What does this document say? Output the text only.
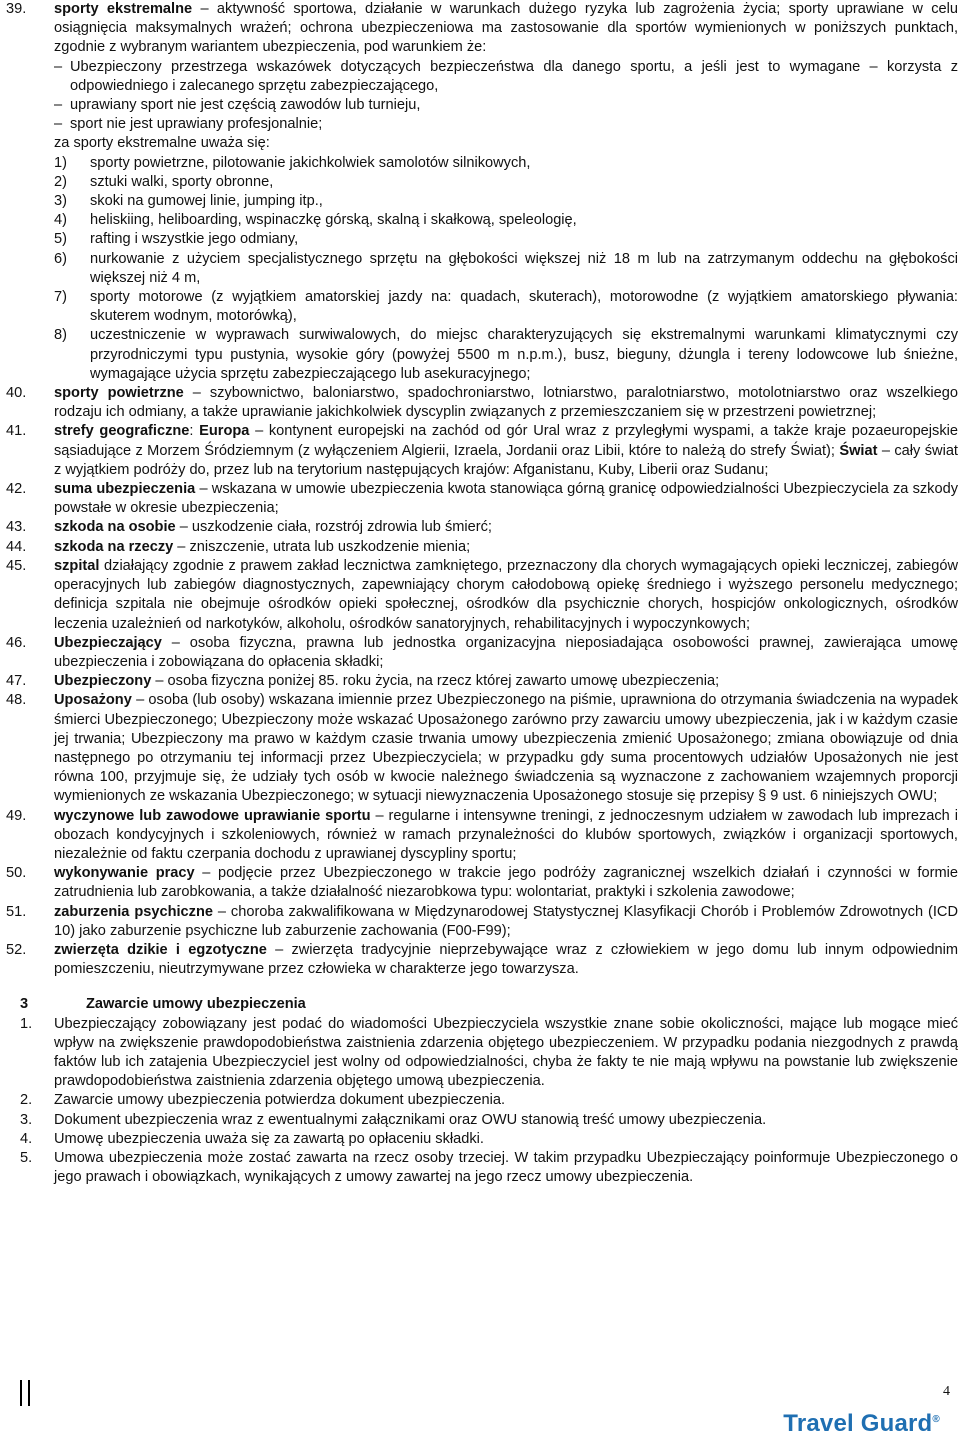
39.	sporty ekstremalne – aktywność sportowa, działanie w warunkach dużego ryzyka lub zagrożenia życia; sporty uprawiane w celu osiągnięcia maksymalnych wrażeń; ochrona ubezpieczeniowa ma zastosowanie dla sportów wymienionych w poniższych punktach, zgodnie z wybranym wariantem ubezpieczenia, pod warunkiem że:
– Ubezpieczony przestrzega wskazówek dotyczących bezpieczeństwa dla danego sportu, a jeśli jest to wymagane – korzysta z odpowiedniego i zalecanego sprzętu zabezpieczającego,
– uprawiany sport nie jest częścią zawodów lub turnieju,
– sport nie jest uprawiany profesjonalnie;
za sporty ekstremalne uważa się:
1)	sporty powietrzne, pilotowanie jakichkolwiek samolotów silnikowych,
2)	sztuki walki, sporty obronne,
3)	skoki na gumowej linie, jumping itp.,
4)	heliskiing, heliboarding, wspinaczkę górską, skalną i skałkową, speleologię,
5)	rafting i wszystkie jego odmiany,
6)	nurkowanie z użyciem specjalistycznego sprzętu na głębokości większej niż 18 m lub na zatrzymanym oddechu na głębokości większej niż 4 m,
7)	sporty motorowe (z wyjątkiem amatorskiej jazdy na: quadach, skuterach), motorowodne (z wyjątkiem amatorskiego pływania: skuterem wodnym, motorówką),
8)	uczestniczenie w wyprawach surwiwalowych, do miejsc charakteryzujących się ekstremalnymi warunkami klimatycznymi czy przyrodniczymi typu pustynia, wysokie góry (powyżej 5500 m n.p.m.), busz, bieguny, dżungla i tereny lodowcowe lub śnieżne, wymagające użycia sprzętu zabezpieczającego lub asekuracyjnego;
40.	sporty powietrzne – szybownictwo, baloniarstwo, spadochroniarstwo, lotniarstwo, paralotniarstwo, motolotniarstwo oraz wszelkiego rodzaju ich odmiany, a także uprawianie jakichkolwiek dyscyplin związanych z przemieszczaniem się w przestrzeni powietrznej;
41.	strefy geograficzne: Europa – kontynent europejski na zachód od gór Ural wraz z przyległymi wyspami, a także kraje pozaeuropejskie sąsiadujące z Morzem Śródziemnym (z wyłączeniem Algierii, Izraela, Jordanii oraz Libii, które to należą do strefy Świat); Świat – cały świat z wyjątkiem podróży do, przez lub na terytorium następujących krajów: Afganistanu, Kuby, Liberii oraz Sudanu;
42.	suma ubezpieczenia – wskazana w umowie ubezpieczenia kwota stanowiąca górną granicę odpowiedzialności Ubezpieczyciela za szkody powstałe w okresie ubezpieczenia;
43.	szkoda na osobie – uszkodzenie ciała, rozstrój zdrowia lub śmierć;
44.	szkoda na rzeczy – zniszczenie, utrata lub uszkodzenie mienia;
45.	szpital działający zgodnie z prawem zakład lecznictwa zamkniętego, przeznaczony dla chorych wymagających opieki leczniczej, zabiegów operacyjnych lub zabiegów diagnostycznych, zapewniający chorym całodobową opiekę średniego i wyższego personelu medycznego; definicja szpitala nie obejmuje ośrodków opieki społecznej, ośrodków dla psychicznie chorych, hospicjów onkologicznych, ośrodków leczenia uzależnień od narkotyków, alkoholu, ośrodków sanatoryjnych, rehabilitacyjnych i wypoczynkowych;
46.	Ubezpieczający – osoba fizyczna, prawna lub jednostka organizacyjna nieposiadająca osobowości prawnej, zawierająca umowę ubezpieczenia i zobowiązana do opłacenia składki;
47.	Ubezpieczony – osoba fizyczna poniżej 85. roku życia, na rzecz której zawarto umowę ubezpieczenia;
48.	Uposażony – osoba (lub osoby) wskazana imiennie przez Ubezpieczonego na piśmie, uprawniona do otrzymania świadczenia na wypadek śmierci Ubezpieczonego; Ubezpieczony może wskazać Uposażonego zarówno przy zawarciu umowy ubezpieczenia, jak i w każdym czasie jej trwania; Ubezpieczony ma prawo w każdym czasie trwania umowy ubezpieczenia zmienić Uposażonego; zmiana obowiązuje od dnia następnego po otrzymaniu tej informacji przez Ubezpieczyciela; w przypadku gdy suma procentowych udziałów Uposażonych nie jest równa 100, przyjmuje się, że udziały tych osób w kwocie należnego świadczenia są wyznaczone z zachowaniem wzajemnych proporcji wymienionych ze wskazania Ubezpieczonego; w sytuacji niewyznaczenia Uposażonego stosuje się przepisy § 9 ust. 6 niniejszych OWU;
49.	wyczynowe lub zawodowe uprawianie sportu – regularne i intensywne treningi, z jednoczesnym udziałem w zawodach lub imprezach i obozach kondycyjnych i szkoleniowych, również w ramach przynależności do klubów sportowych, związków i organizacji sportowych, niezależnie od faktu czerpania dochodu z uprawianej dyscypliny sportu;
50.	wykonywanie pracy – podjęcie przez Ubezpieczonego w trakcie jego podróży zagranicznej wszelkich działań i czynności w formie zatrudnienia lub zarobkowania, a także działalność niezarobkowa typu: wolontariat, praktyki i szkolenia zawodowe;
51.	zaburzenia psychiczne – choroba zakwalifikowana w Międzynarodowej Statystycznej Klasyfikacji Chorób i Problemów Zdrowotnych (ICD 10) jako zaburzenie psychiczne lub zaburzenie zachowania (F00-F99);
52.	zwierzęta dzikie i egzotyczne – zwierzęta tradycyjnie nieprzebywające wraz z człowiekiem w jego domu lub innym odpowiednim pomieszczeniu, nieutrzymywane przez człowieka w charakterze jego towarzysza.
3	Zawarcie umowy ubezpieczenia
1.	Ubezpieczający zobowiązany jest podać do wiadomości Ubezpieczyciela wszystkie znane sobie okoliczności, mające lub mogące mieć wpływ na zwiększenie prawdopodobieństwa zaistnienia zdarzenia objętego ubezpieczeniem. W przypadku podania niezgodnych z prawdą faktów lub ich zatajenia Ubezpieczyciel jest wolny od odpowiedzialności, chyba że fakty te nie mają wpływu na powstanie lub zwiększenie prawdopodobieństwa zaistnienia zdarzenia objętego umową ubezpieczenia.
2.	Zawarcie umowy ubezpieczenia potwierdza dokument ubezpieczenia.
3.	Dokument ubezpieczenia wraz z ewentualnymi załącznikami oraz OWU stanowią treść umowy ubezpieczenia.
4.	Umowę ubezpieczenia uważa się za zawartą po opłaceniu składki.
5.	Umowa ubezpieczenia może zostać zawarta na rzecz osoby trzeciej. W takim przypadku Ubezpieczający poinformuje Ubezpieczonego o jego prawach i obowiązkach, wynikających z umowy zawartej na jego rzecz umowy ubezpieczenia.
4
Travel Guard®
